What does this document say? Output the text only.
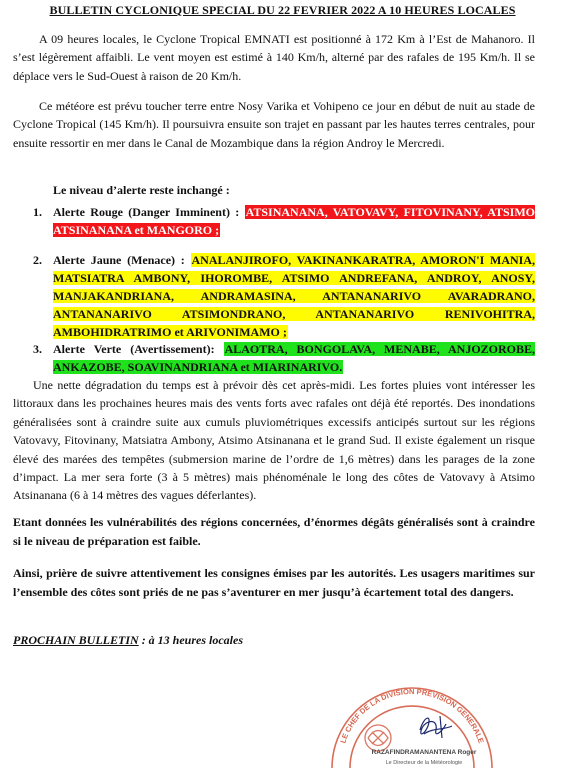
BULLETIN CYCLONIQUE SPECIAL DU 22 FEVRIER 2022 A 10 HEURES LOCALES
A 09 heures locales, le Cyclone Tropical EMNATI est positionné à 172 Km à l’Est de Mahanoro. Il s’est légèrement affaibli. Le vent moyen est estimé à 140 Km/h, alterné par des rafales de 195 Km/h. Il se déplace vers le Sud-Ouest à raison de 20 Km/h.
Ce météore est prévu toucher terre entre Nosy Varika et Vohipeno ce jour en début de nuit au stade de Cyclone Tropical (145 Km/h). Il poursuivra ensuite son trajet en passant par les hautes terres centrales, pour ensuite ressortir en mer dans le Canal de Mozambique dans la région Androy le Mercredi.
Le niveau d’alerte reste inchangé :
1. Alerte Rouge (Danger Imminent) : ATSINANANA, VATOVAVY, FITOVINANY, ATSIMO ATSINANANA et MANGORO ;
2. Alerte Jaune (Menace) : ANALANJIROFO, VAKINANKARATRA, AMORON'I MANIA, MATSIATRA AMBONY, IHOROMBE, ATSIMO ANDREFANA, ANDROY, ANOSY, MANJAKANDRIANA, ANDRAMASINA, ANTANANARIVO AVARADRANO, ANTANANARIVO ATSIMONDRANO, ANTANANARIVO RENIVOHITRA, AMBOHIDRATRIMO et ARIVONIMAMO ;
3. Alerte Verte (Avertissement): ALAOTRA, BONGOLAVA, MENABE, ANJOZOROBE, ANKAZOBE, SOAVINANDRIANA et MIARINARIVO.
Une nette dégradation du temps est à prévoir dès cet après-midi. Les fortes pluies vont intéresser les littoraux dans les prochaines heures mais des vents forts avec rafales ont déjà été reportés. Des inondations généralisées sont à craindre suite aux cumuls pluviométriques excessifs anticipés surtout sur les régions Vatovavy, Fitovinany, Matsiatra Ambony, Atsimo Atsinanana et le grand Sud. Il existe également un risque élevé des marées des tempêtes (submersion marine de l’ordre de 1,6 mètres) dans les parages de la zone d’impact. La mer sera forte (3 à 5 mètres) mais phénoménale le long des côtes de Vatovavy à Atsimo Atsinanana (6 à 14 mètres des vagues déferlantes).
Etant données les vulnérabilités des régions concernées, d’énormes dégâts généralisés sont à craindre si le niveau de préparation est faible.
Ainsi, prière de suivre attentivement les consignes émises par les autorités. Les usagers maritimes sur l’ensemble des côtes sont priés de ne pas s’aventurer en mer jusqu’à écartement total des dangers.
PROCHAIN BULLETIN : à 13 heures locales
LE CHEF DE LA DIVISION PREVISION GENERALE
RAZAFINDRAMANANTENA Roger
Le Directeur de la Météorologie
